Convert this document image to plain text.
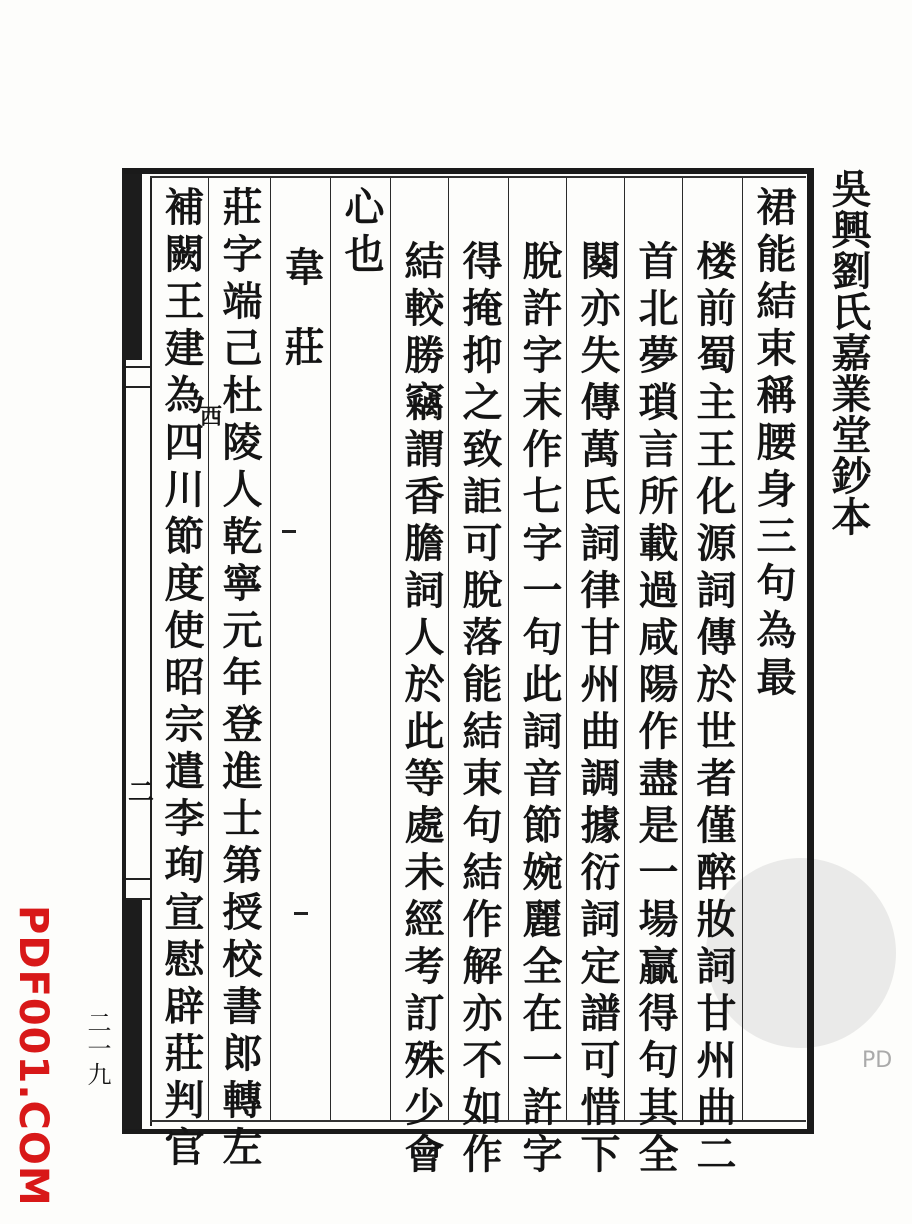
PD
吳興劉氏嘉業堂鈔本
裙能結束稱腰身三句為最
楼前蜀主王化源詞傳於世者僅醉妝詞甘州曲二
首北夢瑣言所載過咸陽作盡是一場贏得句其全
闋亦失傳萬氏詞律甘州曲調據衍詞定譜可惜下
脫許字末作七字一句此詞音節婉麗全在一許字
得掩抑之致詎可脫落能結束句結作解亦不如作
結較勝竊謂香膽詞人於此等處未經考訂殊少會
心也
韋莊
莊字端己杜陵人乾寧元年登進士第授校書郎轉左
補闕王建為四川節度使昭宗遣李珣宣慰辟莊判官
西
二
二一九
PDF001.COM
